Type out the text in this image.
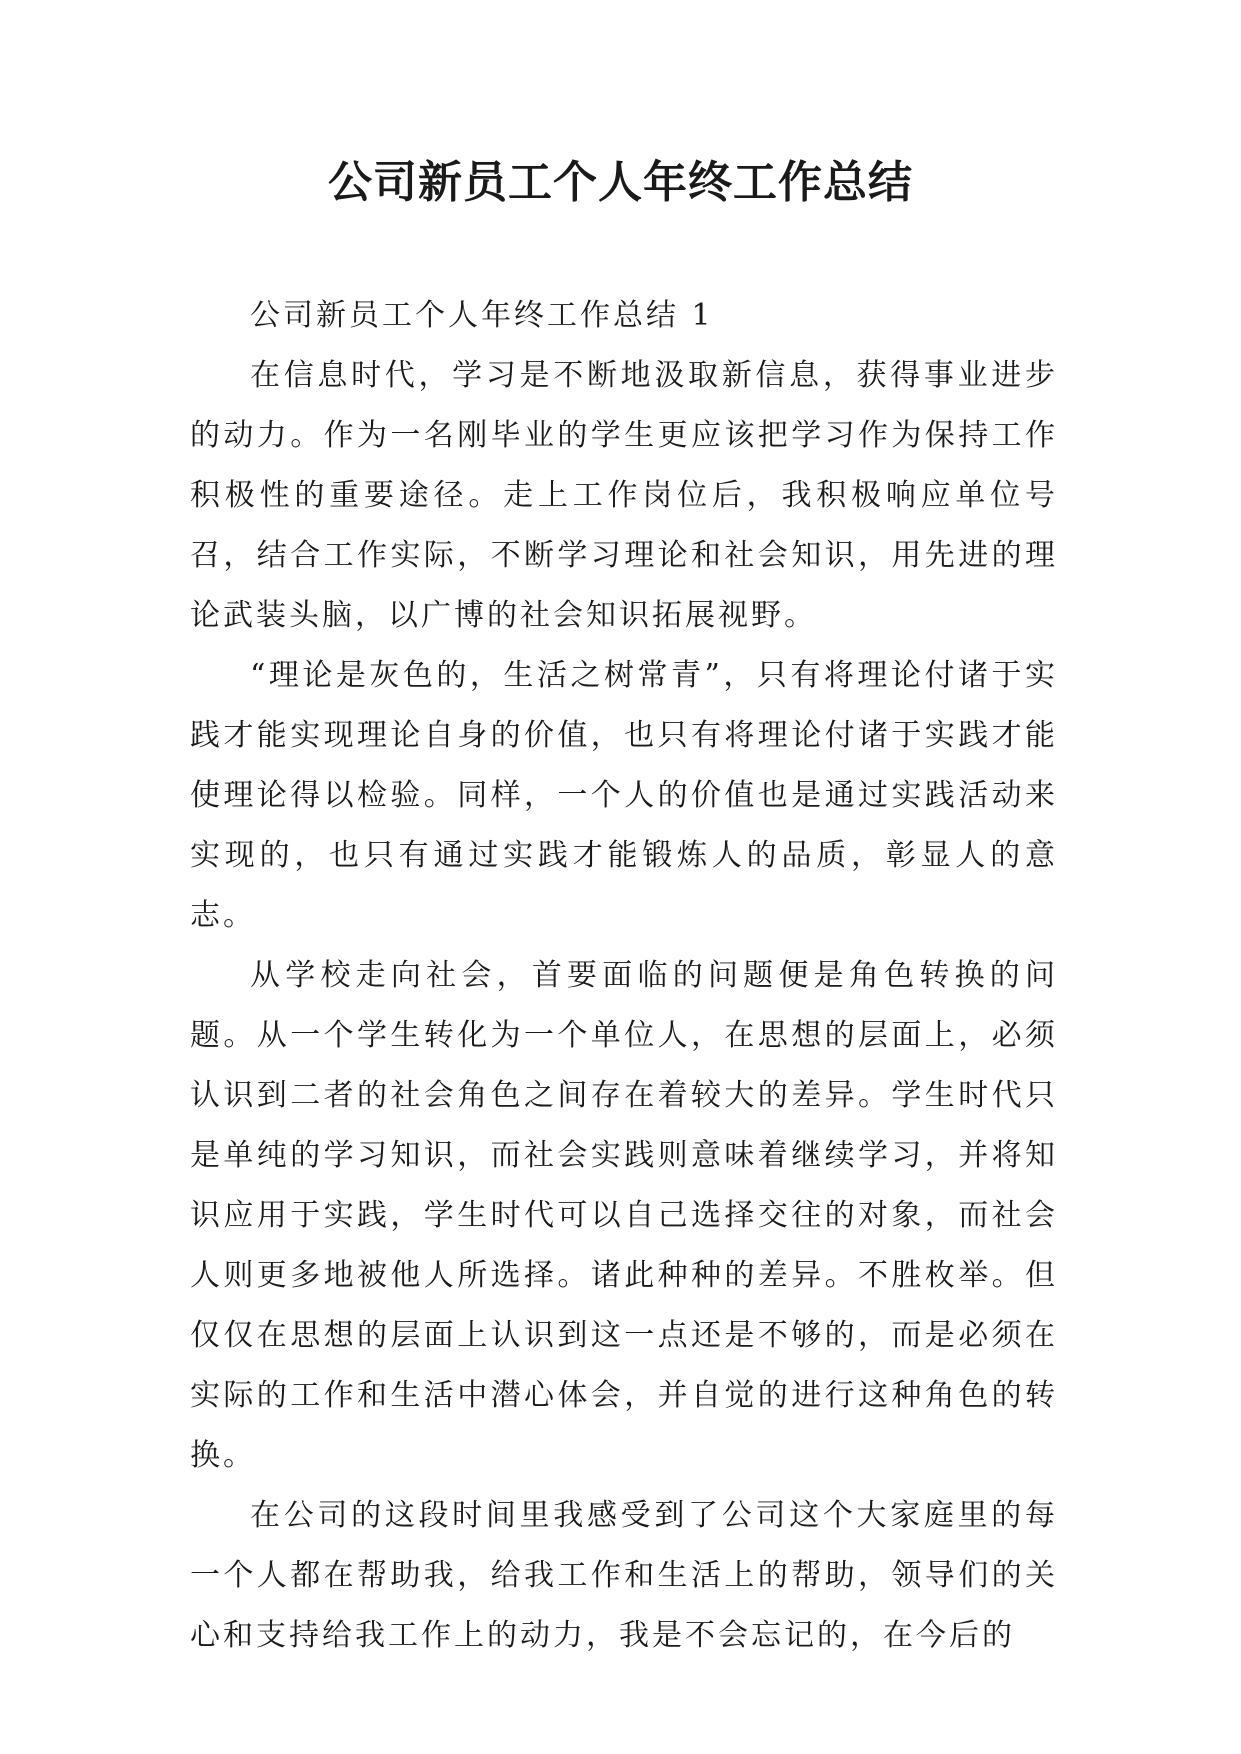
公司新员工个人年终工作总结

公司新员工个人年终工作总结 1

在信息时代，学习是不断地汲取新信息，获得事业进步的动力。作为一名刚毕业的学生更应该把学习作为保持工作积极性的重要途径。走上工作岗位后，我积极响应单位号召，结合工作实际，不断学习理论和社会知识，用先进的理论武装头脑，以广博的社会知识拓展视野。

“理论是灰色的，生活之树常青”，只有将理论付诸于实践才能实现理论自身的价值，也只有将理论付诸于实践才能使理论得以检验。同样，一个人的价值也是通过实践活动来实现的，也只有通过实践才能锻炼人的品质，彰显人的意志。

从学校走向社会，首要面临的问题便是角色转换的问题。从一个学生转化为一个单位人，在思想的层面上，必须认识到二者的社会角色之间存在着较大的差异。学生时代只是单纯的学习知识，而社会实践则意味着继续学习，并将知识应用于实践，学生时代可以自己选择交往的对象，而社会人则更多地被他人所选择。诸此种种的差异。不胜枚举。但仅仅在思想的层面上认识到这一点还是不够的，而是必须在实际的工作和生活中潜心体会，并自觉的进行这种角色的转换。

在公司的这段时间里我感受到了公司这个大家庭里的每一个人都在帮助我，给我工作和生活上的帮助，领导们的关心和支持给我工作上的动力，我是不会忘记的，在今后的
